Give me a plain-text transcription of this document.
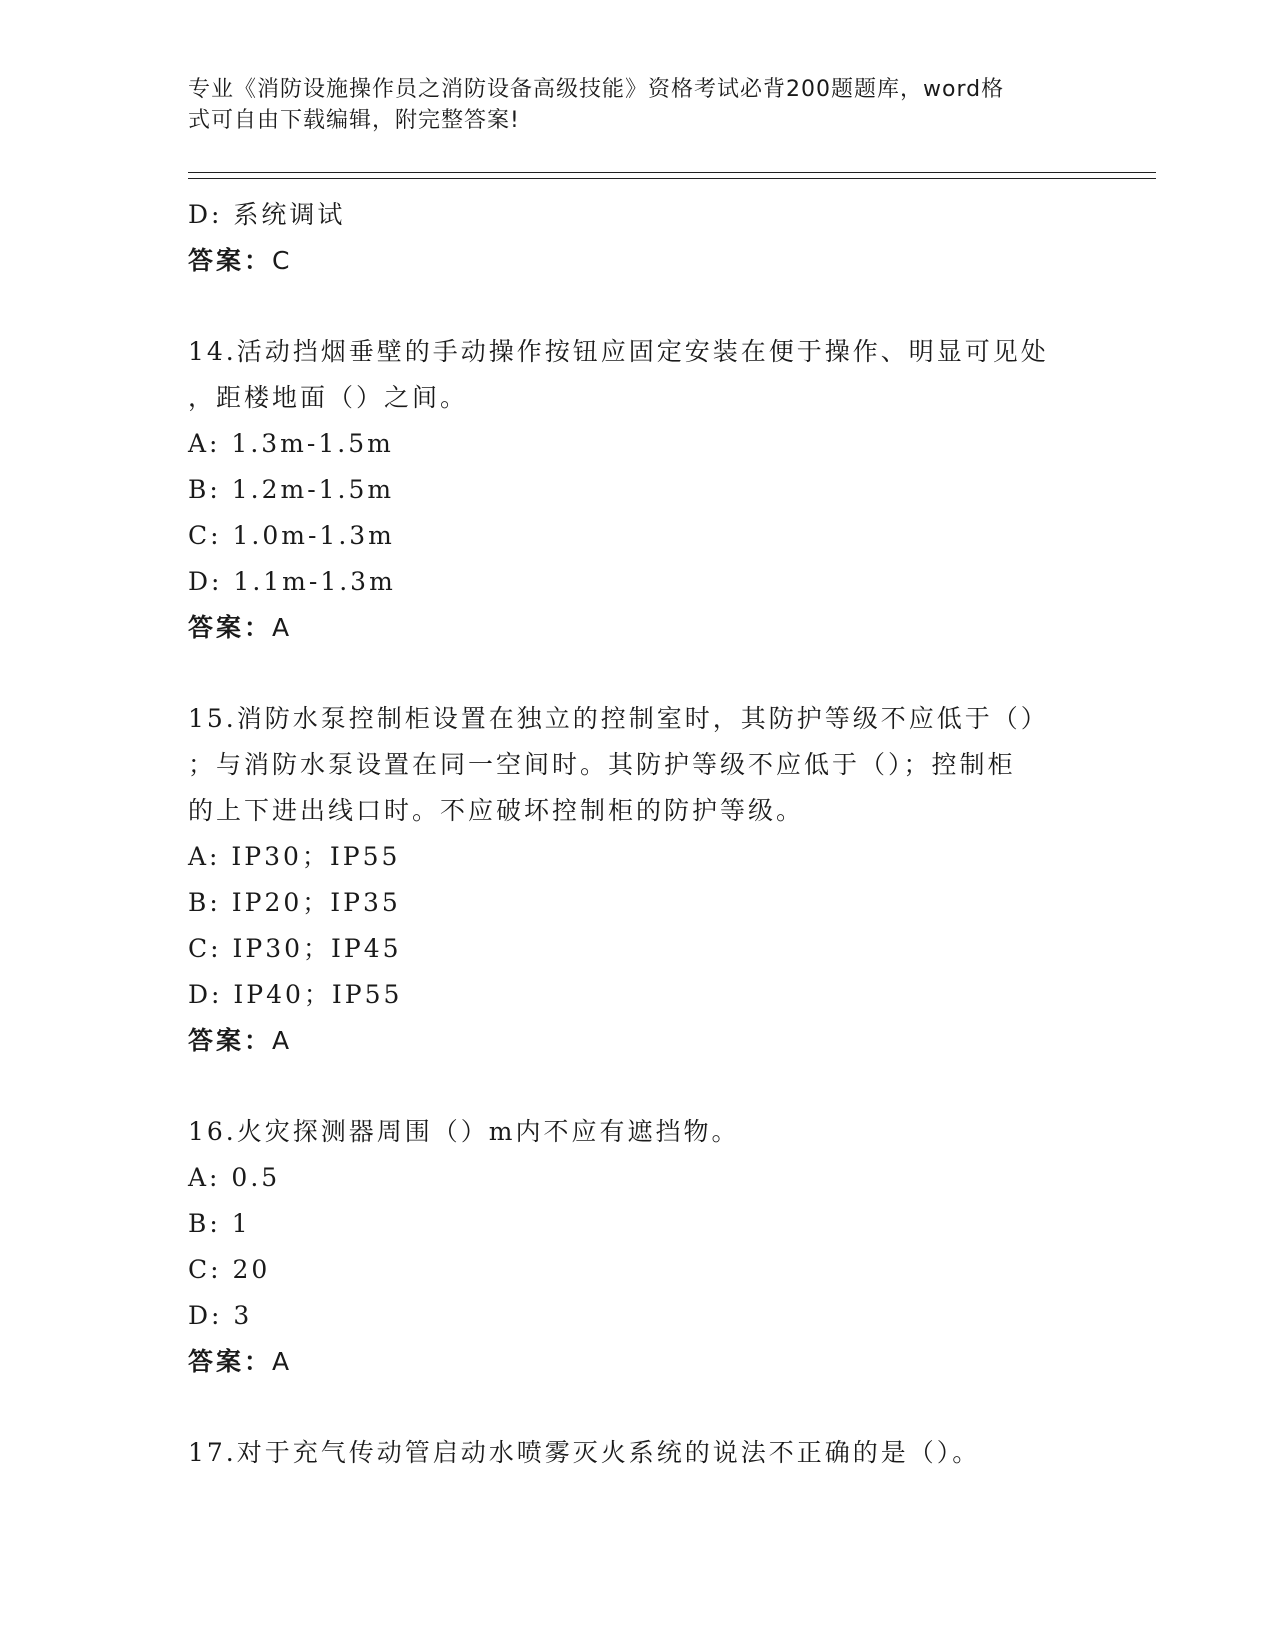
专业《消防设施操作员之消防设备高级技能》资格考试必背200题题库，word格
式可自由下载编辑，附完整答案!
D: 系统调试
答案：C
14.活动挡烟垂壁的手动操作按钮应固定安装在便于操作、明显可见处
，距楼地面（）之间。
A: 1.3m-1.5m
B: 1.2m-1.5m
C: 1.0m-1.3m
D: 1.1m-1.3m
答案：A
15.消防水泵控制柜设置在独立的控制室时，其防护等级不应低于（）
；与消防水泵设置在同一空间时。其防护等级不应低于（）；控制柜
的上下进出线口时。不应破坏控制柜的防护等级。
A: IP30；IP55
B: IP20；IP35
C: IP30；IP45
D: IP40；IP55
答案：A
16.火灾探测器周围（）m内不应有遮挡物。
A: 0.5
B: 1
C: 20
D: 3
答案：A
17.对于充气传动管启动水喷雾灭火系统的说法不正确的是（）。
